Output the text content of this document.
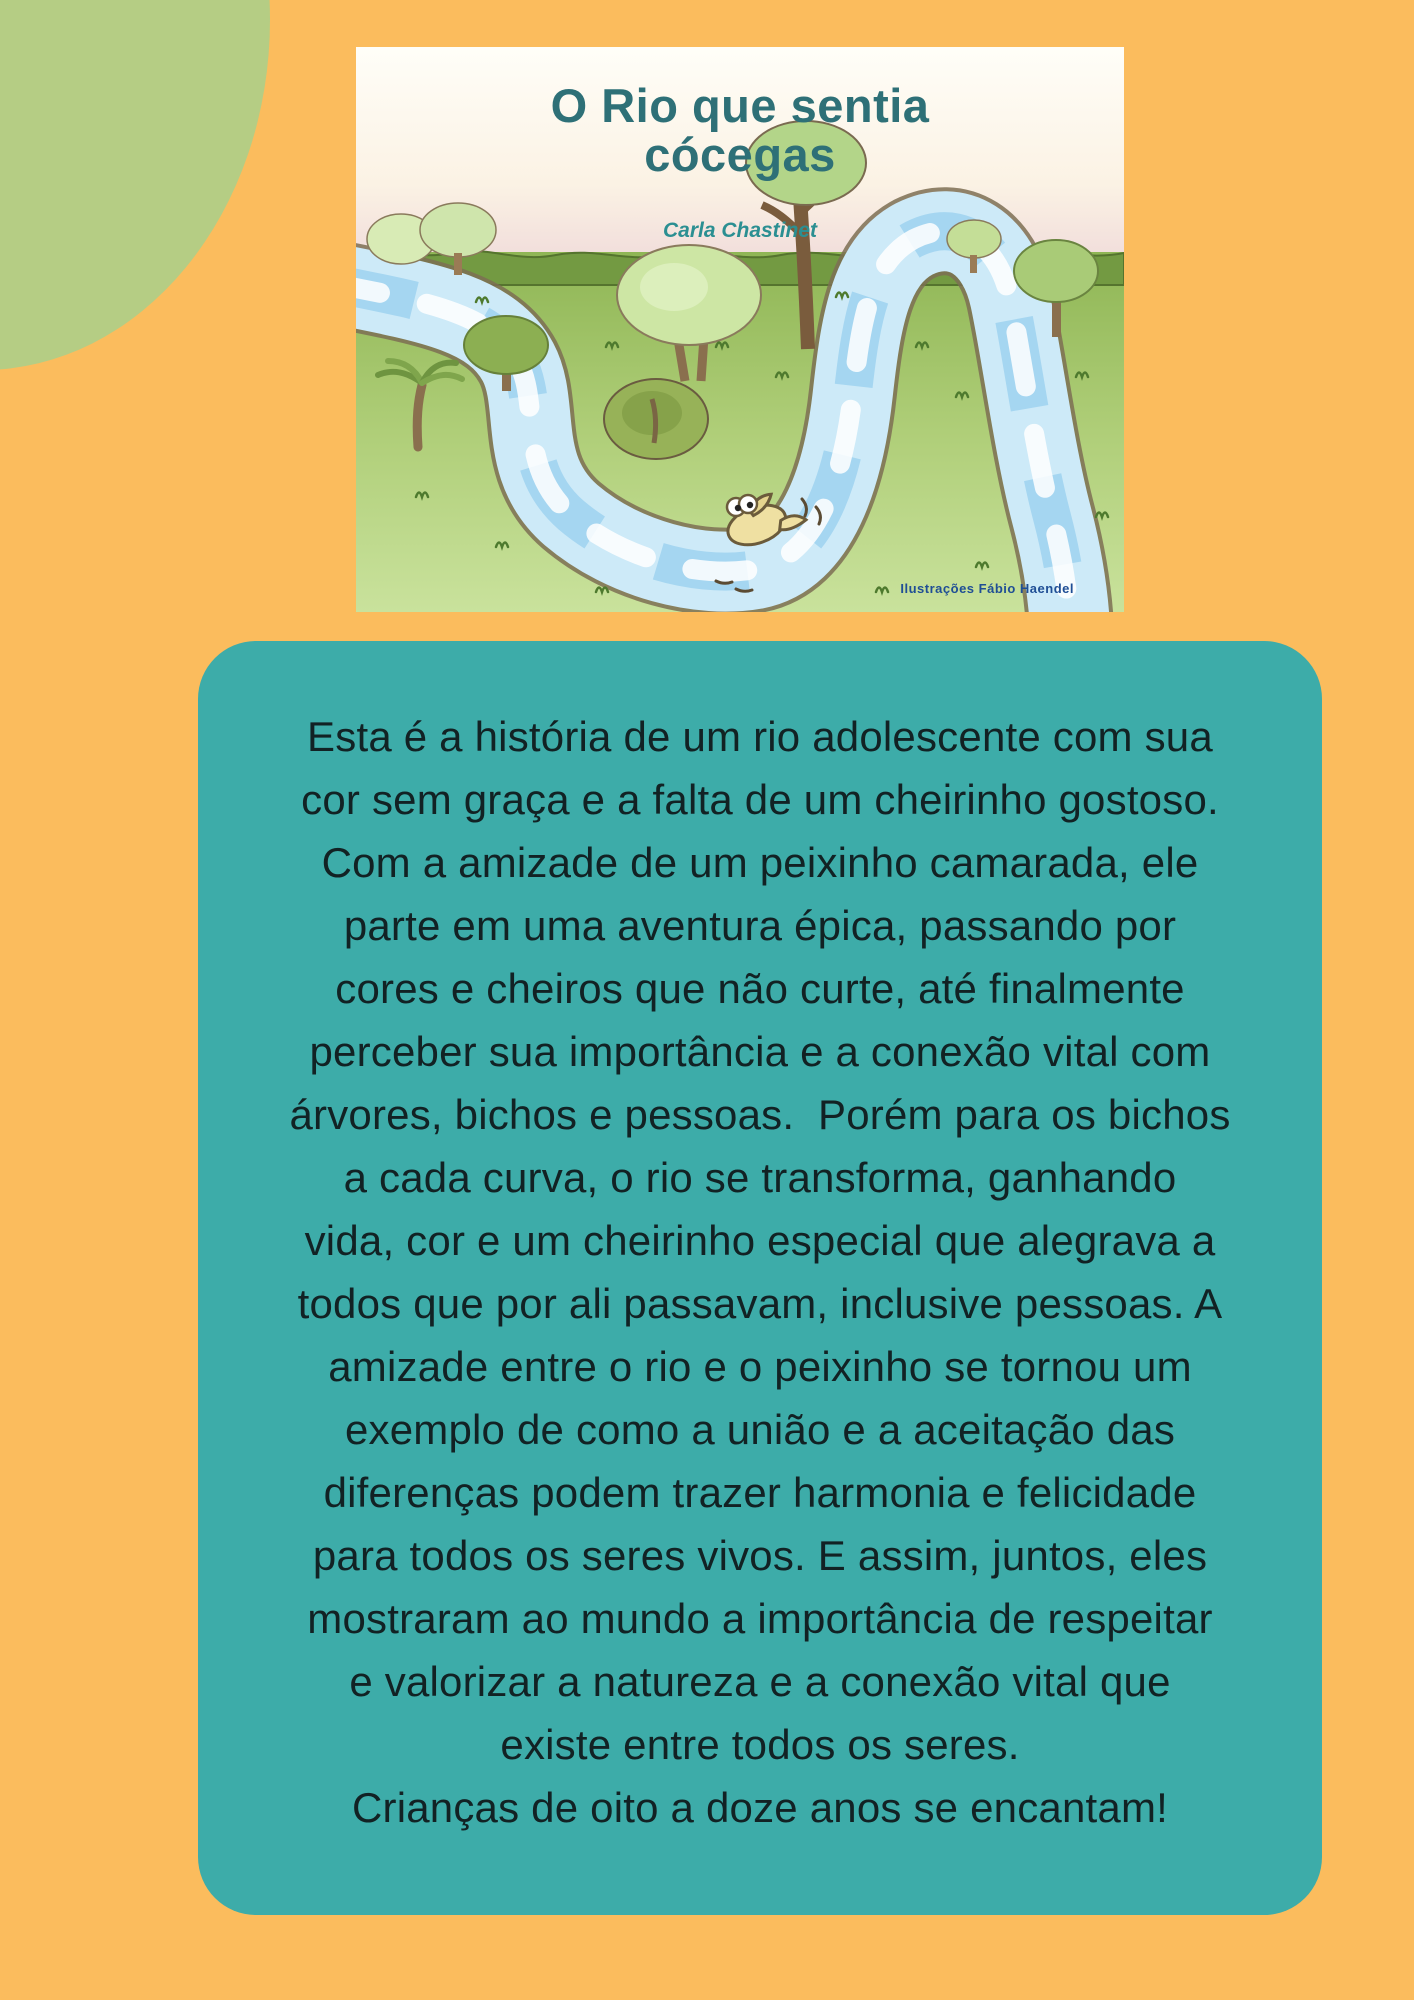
O Rio que sentia
cócegas
Carla Chastinet
Ilustrações Fábio Haendel
Esta é a história de um rio adolescente com sua
cor sem graça e a falta de um cheirinho gostoso.
Com a amizade de um peixinho camarada, ele
parte em uma aventura épica, passando por
cores e cheiros que não curte, até finalmente
perceber sua importância e a conexão vital com
árvores, bichos e pessoas.  Porém para os bichos
a cada curva, o rio se transforma, ganhando
vida, cor e um cheirinho especial que alegrava a
todos que por ali passavam, inclusive pessoas. A
amizade entre o rio e o peixinho se tornou um
exemplo de como a união e a aceitação das
diferenças podem trazer harmonia e felicidade
para todos os seres vivos. E assim, juntos, eles
mostraram ao mundo a importância de respeitar
e valorizar a natureza e a conexão vital que
existe entre todos os seres.
Crianças de oito a doze anos se encantam!
